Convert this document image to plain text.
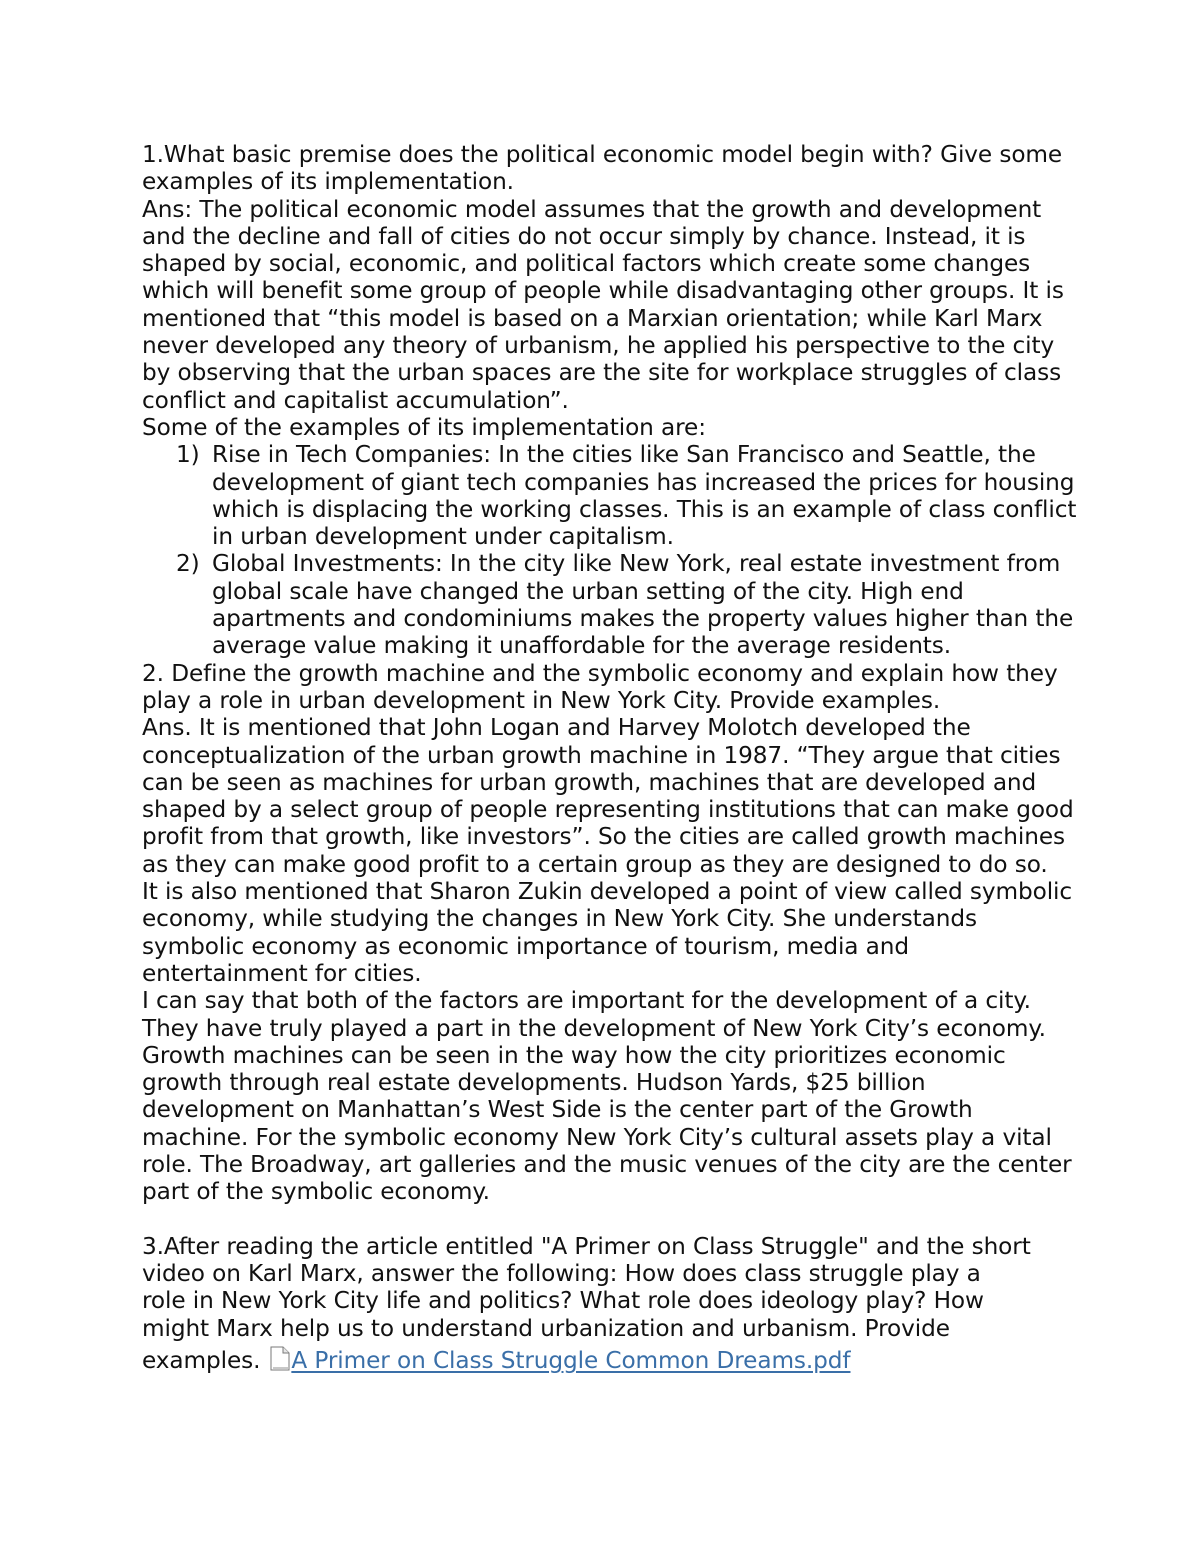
1.What basic premise does the political economic model begin with? Give some examples of its implementation.

Ans: The political economic model assumes that the growth and development and the decline and fall of cities do not occur simply by chance. Instead, it is shaped by social, economic, and political factors which create some changes which will benefit some group of people while disadvantaging other groups. It is mentioned that “this model is based on a Marxian orientation; while Karl Marx never developed any theory of urbanism, he applied his perspective to the city by observing that the urban spaces are the site for workplace struggles of class conflict and capitalist accumulation”.

Some of the examples of its implementation are:

1) Rise in Tech Companies: In the cities like San Francisco and Seattle, the development of giant tech companies has increased the prices for housing which is displacing the working classes. This is an example of class conflict in urban development under capitalism.
2) Global Investments: In the city like New York, real estate investment from global scale have changed the urban setting of the city. High end apartments and condominiums makes the property values higher than the average value making it unaffordable for the average residents.

2. Define the growth machine and the symbolic economy and explain how they play a role in urban development in New York City. Provide examples.

Ans. It is mentioned that John Logan and Harvey Molotch developed the conceptualization of the urban growth machine in 1987. “They argue that cities can be seen as machines for urban growth, machines that are developed and shaped by a select group of people representing institutions that can make good profit from that growth, like investors”. So the cities are called growth machines as they can make good profit to a certain group as they are designed to do so.

It is also mentioned that Sharon Zukin developed a point of view called symbolic economy, while studying the changes in New York City. She understands symbolic economy as economic importance of tourism, media and entertainment for cities.

I can say that both of the factors are important for the development of a city. They have truly played a part in the development of New York City’s economy. Growth machines can be seen in the way how the city prioritizes economic growth through real estate developments. Hudson Yards, $25 billion development on Manhattan’s West Side is the center part of the Growth machine. For the symbolic economy New York City’s cultural assets play a vital role. The Broadway, art galleries and the music venues of the city are the center part of the symbolic economy.

3.After reading the article entitled "A Primer on Class Struggle" and the short
video on Karl Marx, answer the following: How does class struggle play a
role in New York City life and politics? What role does ideology play? How
might Marx help us to understand urbanization and urbanism. Provide
examples. A Primer on Class Struggle Common Dreams.pdf
